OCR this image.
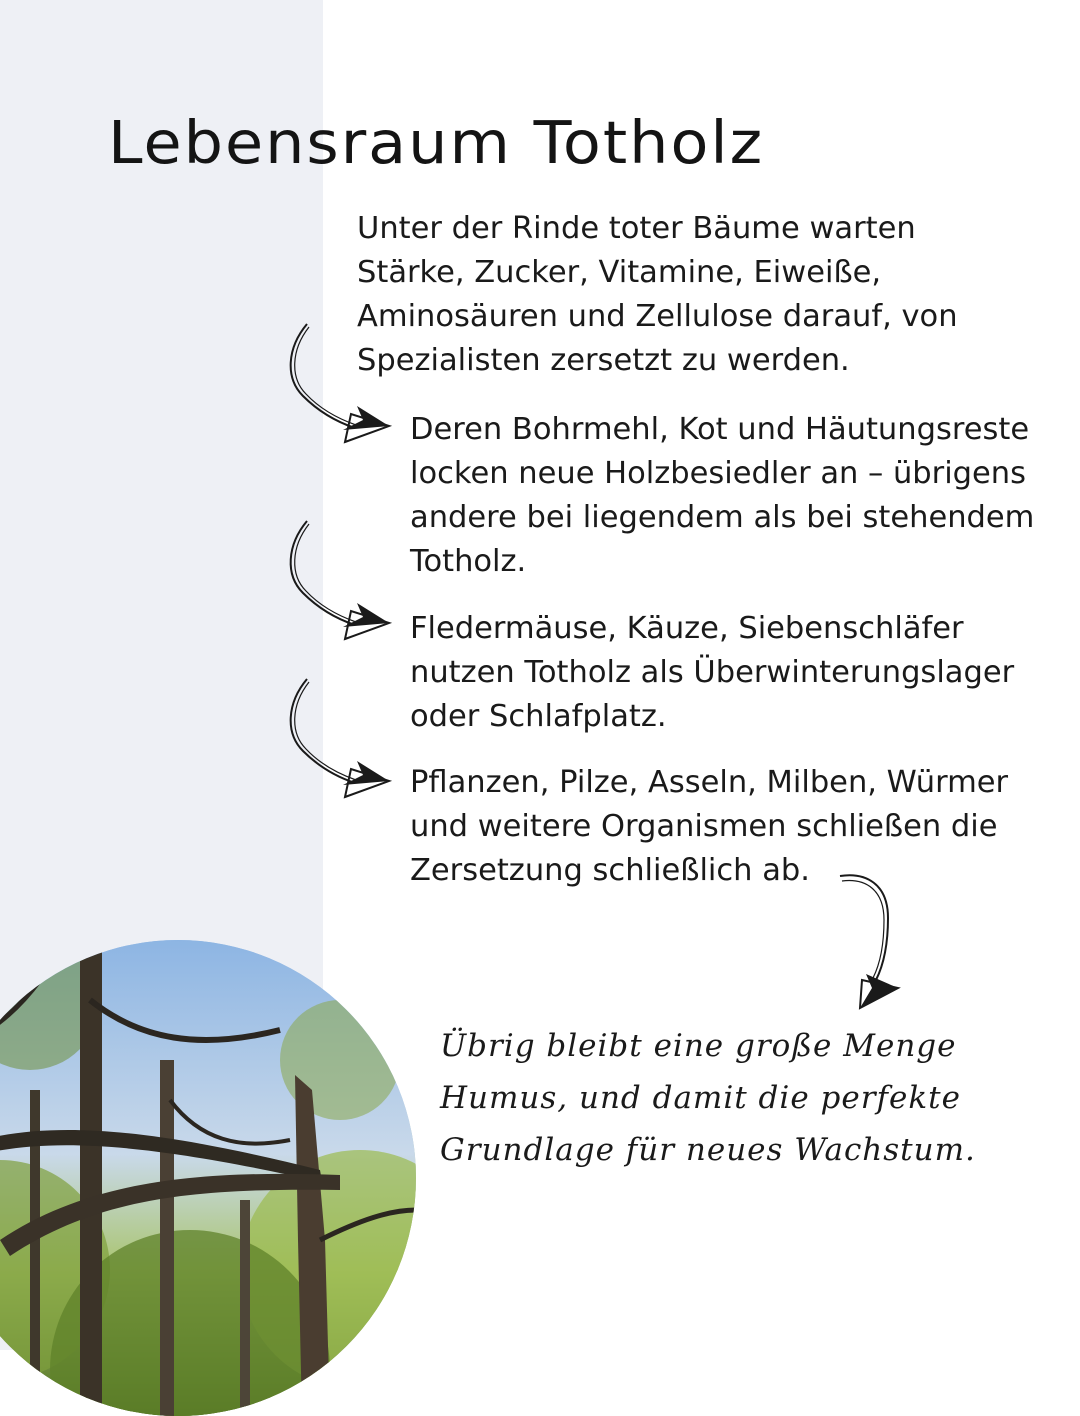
Lebensraum Totholz

Unter der Rinde toter Bäume warten Stärke, Zucker, Vitamine, Eiweiße, Aminosäuren und Zellulose darauf, von Spezialisten zersetzt zu werden.

Deren Bohrmehl, Kot und Häutungsreste locken neue Holzbesiedler an – übrigens andere bei liegendem als bei stehendem Totholz.

Fledermäuse, Käuze, Siebenschläfer nutzen Totholz als Überwinterungslager oder Schlafplatz.

Pflanzen, Pilze, Asseln, Milben, Würmer und weitere Organismen schließen die Zersetzung schließlich ab.

Übrig bleibt eine große Menge Humus, und damit die perfekte Grundlage für neues Wachstum.
